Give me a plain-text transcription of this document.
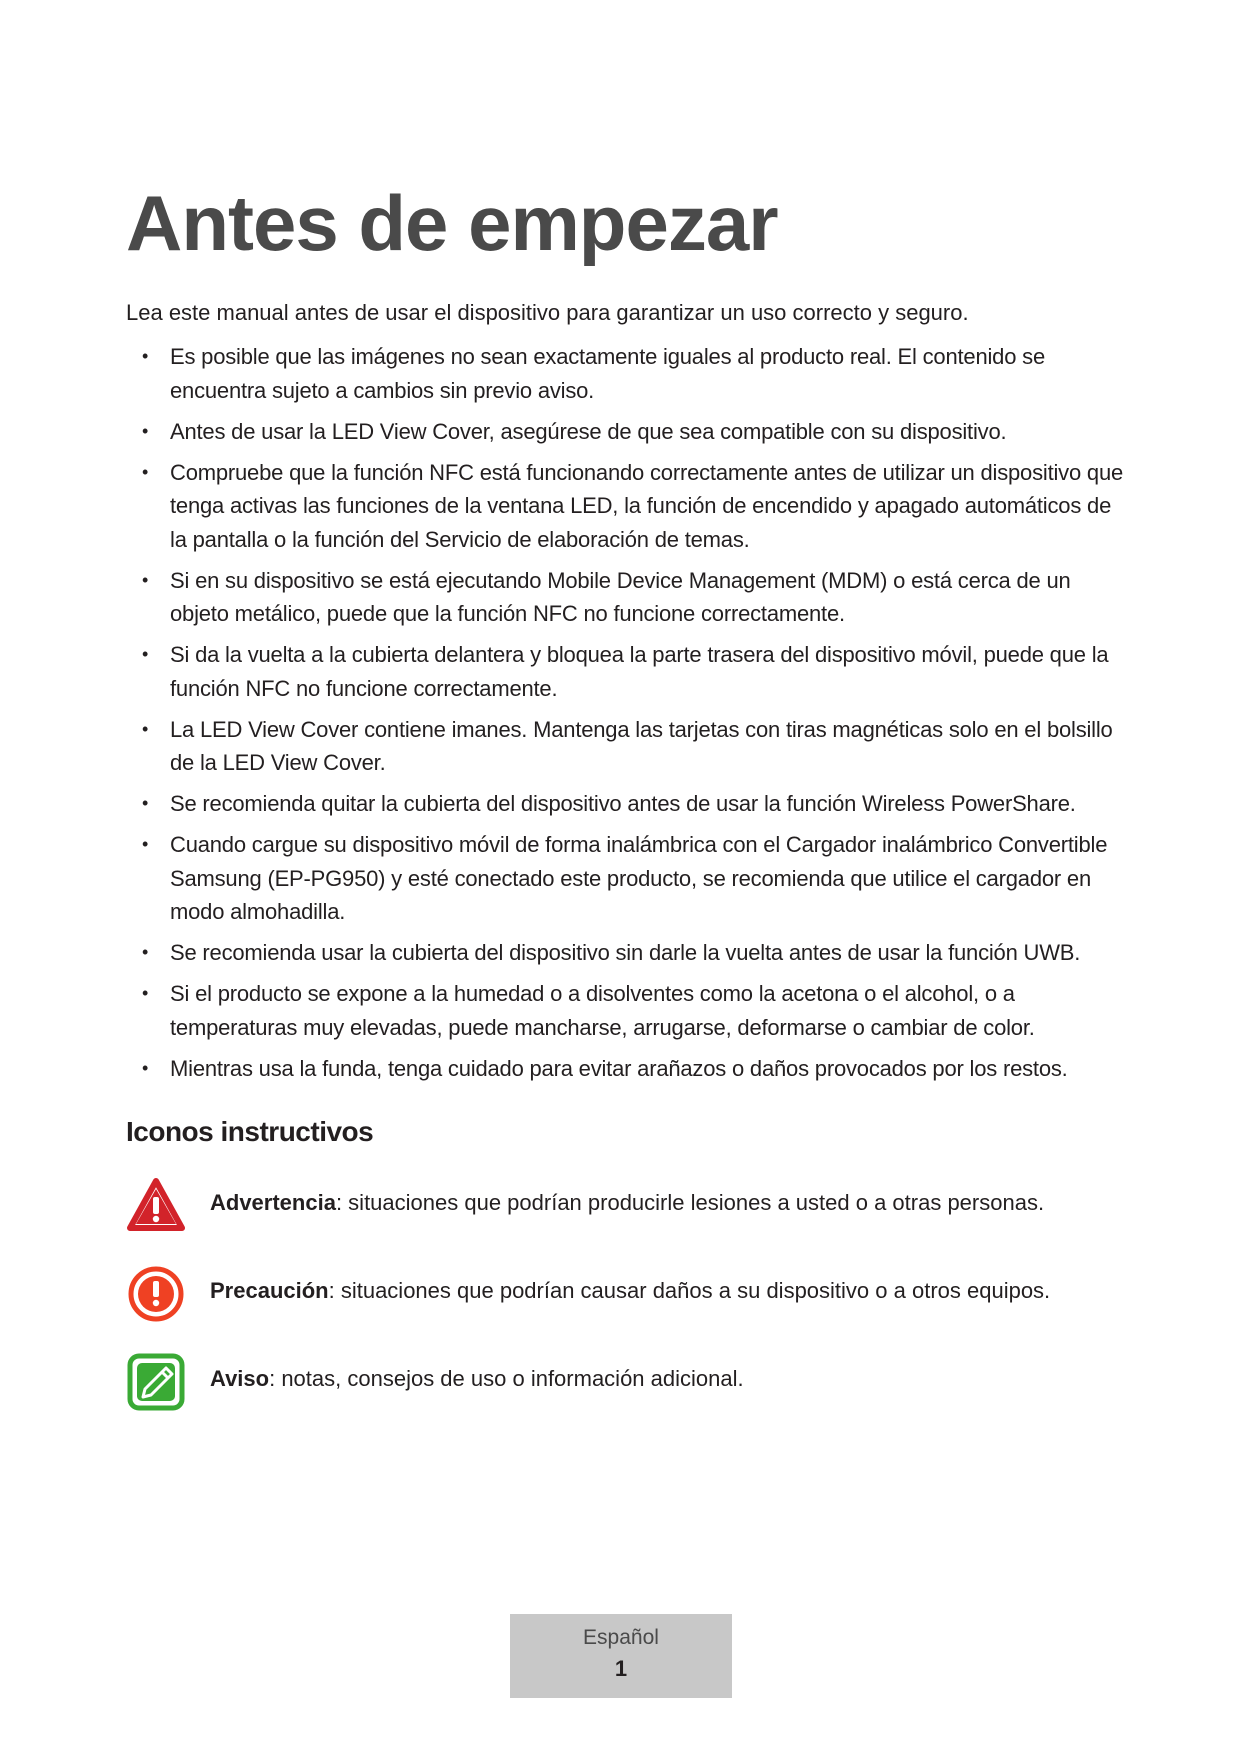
Antes de empezar

Lea este manual antes de usar el dispositivo para garantizar un uso correcto y seguro.

• Es posible que las imágenes no sean exactamente iguales al producto real. El contenido se encuentra sujeto a cambios sin previo aviso.
• Antes de usar la LED View Cover, asegúrese de que sea compatible con su dispositivo.
• Compruebe que la función NFC está funcionando correctamente antes de utilizar un dispositivo que tenga activas las funciones de la ventana LED, la función de encendido y apagado automáticos de la pantalla o la función del Servicio de elaboración de temas.
• Si en su dispositivo se está ejecutando Mobile Device Management (MDM) o está cerca de un objeto metálico, puede que la función NFC no funcione correctamente.
• Si da la vuelta a la cubierta delantera y bloquea la parte trasera del dispositivo móvil, puede que la función NFC no funcione correctamente.
• La LED View Cover contiene imanes. Mantenga las tarjetas con tiras magnéticas solo en el bolsillo de la LED View Cover.
• Se recomienda quitar la cubierta del dispositivo antes de usar la función Wireless PowerShare.
• Cuando cargue su dispositivo móvil de forma inalámbrica con el Cargador inalámbrico Convertible Samsung (EP-PG950) y esté conectado este producto, se recomienda que utilice el cargador en modo almohadilla.
• Se recomienda usar la cubierta del dispositivo sin darle la vuelta antes de usar la función UWB.
• Si el producto se expone a la humedad o a disolventes como la acetona o el alcohol, o a temperaturas muy elevadas, puede mancharse, arrugarse, deformarse o cambiar de color.
• Mientras usa la funda, tenga cuidado para evitar arañazos o daños provocados por los restos.
Iconos instructivos
Advertencia: situaciones que podrían producirle lesiones a usted o a otras personas.
Precaución: situaciones que podrían causar daños a su dispositivo o a otros equipos.
Aviso: notas, consejos de uso o información adicional.
Español
1
